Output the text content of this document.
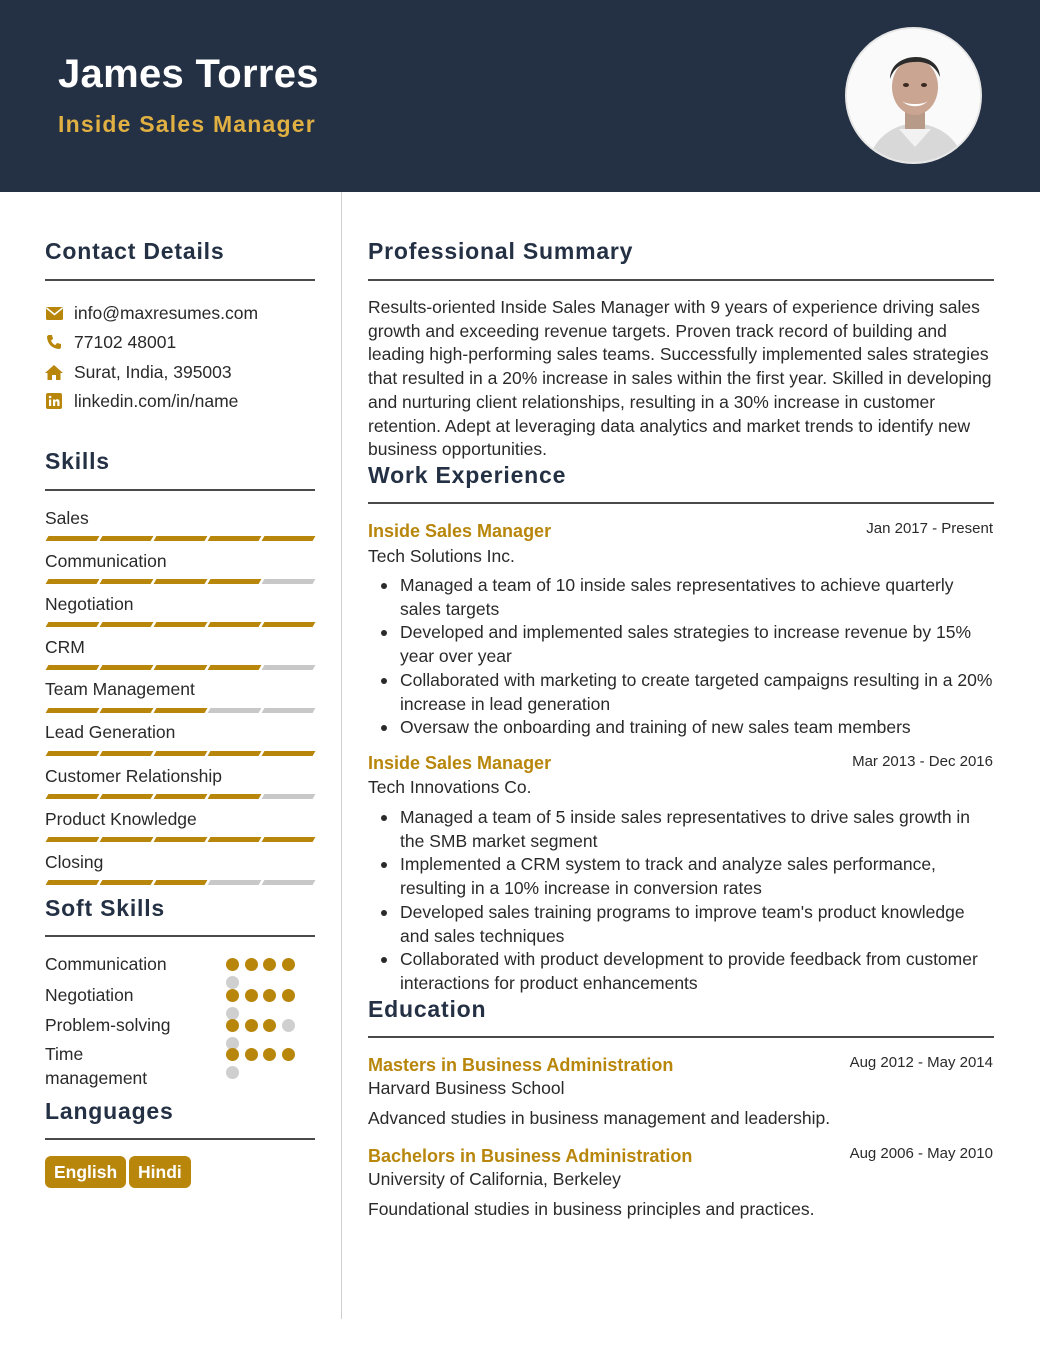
James Torres
Inside Sales Manager
Contact Details
info@maxresumes.com
77102 48001
Surat, India, 395003
linkedin.com/in/name
Skills
Sales
Communication
Negotiation
CRM
Team Management
Lead Generation
Customer Relationship
Product Knowledge
Closing
Soft Skills
Communication
Negotiation
Problem-solving
Time management
Languages
English	Hindi
Professional Summary
Results-oriented Inside Sales Manager with 9 years of experience driving sales growth and exceeding revenue targets. Proven track record of building and leading high-performing sales teams. Successfully implemented sales strategies that resulted in a 20% increase in sales within the first year. Skilled in developing and nurturing client relationships, resulting in a 30% increase in customer retention. Adept at leveraging data analytics and market trends to identify new business opportunities.
Work Experience
Inside Sales Manager	Jan 2017 - Present
Tech Solutions Inc.
Managed a team of 10 inside sales representatives to achieve quarterly sales targets
Developed and implemented sales strategies to increase revenue by 15% year over year
Collaborated with marketing to create targeted campaigns resulting in a 20% increase in lead generation
Oversaw the onboarding and training of new sales team members
Inside Sales Manager	Mar 2013 - Dec 2016
Tech Innovations Co.
Managed a team of 5 inside sales representatives to drive sales growth in the SMB market segment
Implemented a CRM system to track and analyze sales performance, resulting in a 10% increase in conversion rates
Developed sales training programs to improve team's product knowledge and sales techniques
Collaborated with product development to provide feedback from customer interactions for product enhancements
Education
Masters in Business Administration	Aug 2012 - May 2014
Harvard Business School
Advanced studies in business management and leadership.
Bachelors in Business Administration	Aug 2006 - May 2010
University of California, Berkeley
Foundational studies in business principles and practices.
